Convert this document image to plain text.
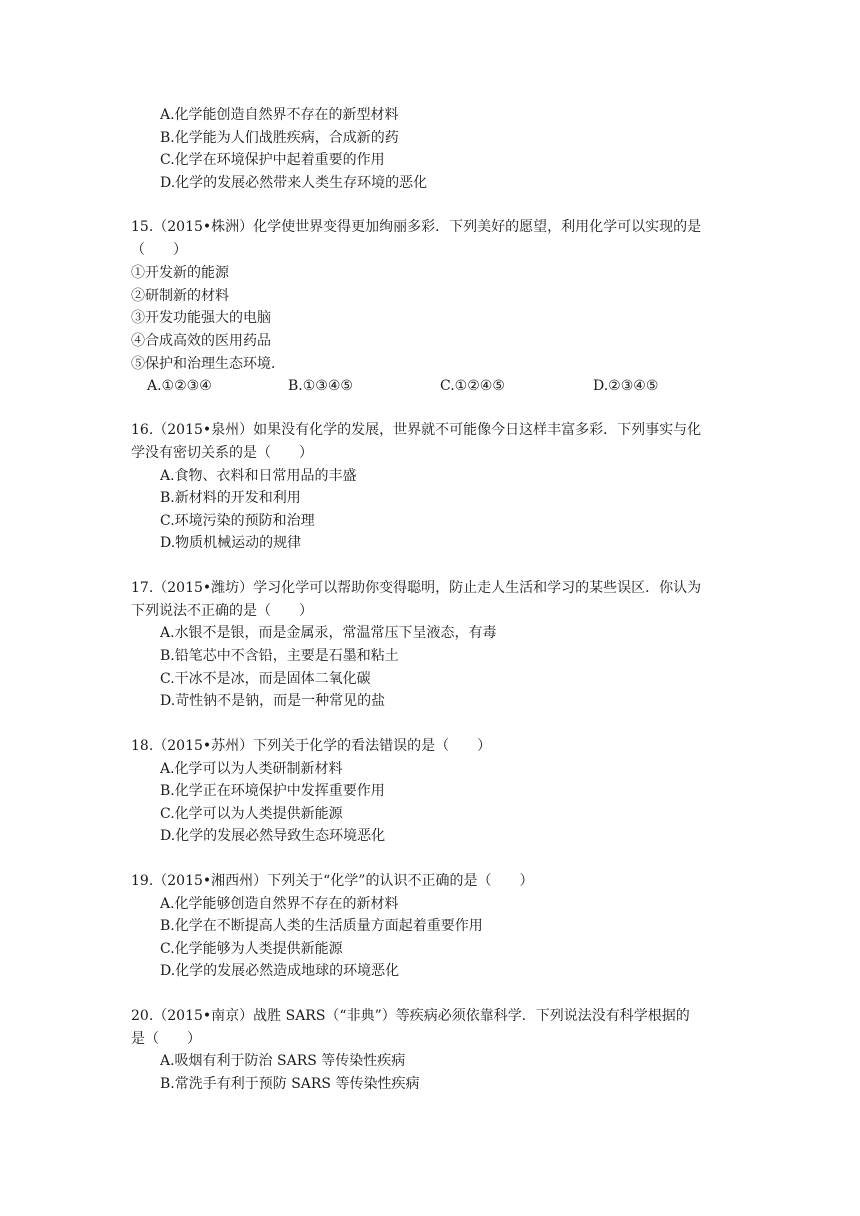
A.化学能创造自然界不存在的新型材料
B.化学能为人们战胜疾病，合成新的药
C.化学在环境保护中起着重要的作用
D.化学的发展必然带来人类生存环境的恶化
15.（2015•株洲）化学使世界变得更加绚丽多彩．下列美好的愿望，利用化学可以实现的是
（　　）
①开发新的能源
②研制新的材料
③开发功能强大的电脑
④合成高效的医用药品
⑤保护和治理生态环境．
A.①②③④	B.①③④⑤	C.①②④⑤	D.②③④⑤
16.（2015•泉州）如果没有化学的发展，世界就不可能像今日这样丰富多彩．下列事实与化
学没有密切关系的是（　　）
A.食物、衣料和日常用品的丰盛
B.新材料的开发和利用
C.环境污染的预防和治理
D.物质机械运动的规律
17.（2015•潍坊）学习化学可以帮助你变得聪明，防止走人生活和学习的某些误区．你认为
下列说法不正确的是（　　）
A.水银不是银，而是金属汞，常温常压下呈液态，有毒
B.铅笔芯中不含铅，主要是石墨和粘土
C.干冰不是冰，而是固体二氧化碳
D.苛性钠不是钠，而是一种常见的盐
18.（2015•苏州）下列关于化学的看法错误的是（　　）
A.化学可以为人类研制新材料
B.化学正在环境保护中发挥重要作用
C.化学可以为人类提供新能源
D.化学的发展必然导致生态环境恶化
19.（2015•湘西州）下列关于“化学”的认识不正确的是（　　）
A.化学能够创造自然界不存在的新材料
B.化学在不断提高人类的生活质量方面起着重要作用
C.化学能够为人类提供新能源
D.化学的发展必然造成地球的环境恶化
20.（2015•南京）战胜 SARS（“非典”）等疾病必须依靠科学．下列说法没有科学根据的
是（　　）
A.吸烟有利于防治 SARS 等传染性疾病
B.常洗手有利于预防 SARS 等传染性疾病
